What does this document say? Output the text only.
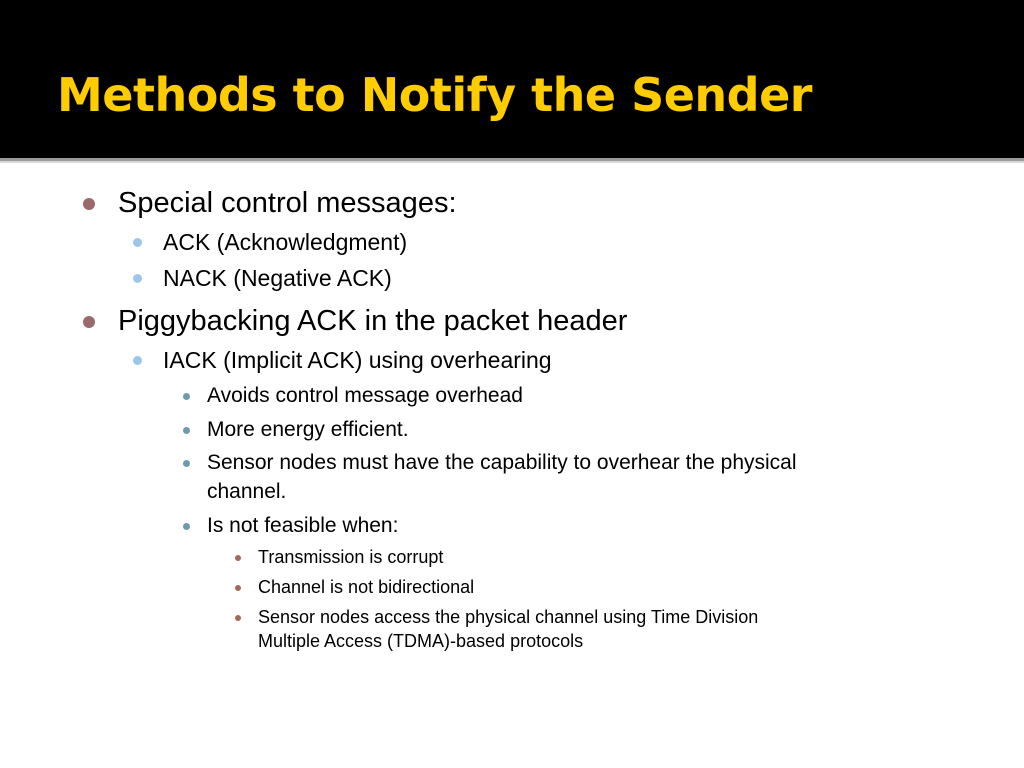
Methods to Notify the Sender
Special control messages:
ACK (Acknowledgment)
NACK (Negative ACK)
Piggybacking ACK in the packet header
IACK (Implicit ACK) using overhearing
Avoids control message overhead
More energy efficient.
Sensor nodes must have the capability to overhear the physical
channel.
Is not feasible when:
Transmission is corrupt
Channel is not bidirectional
Sensor nodes access the physical channel using Time Division
Multiple Access (TDMA)-based protocols
